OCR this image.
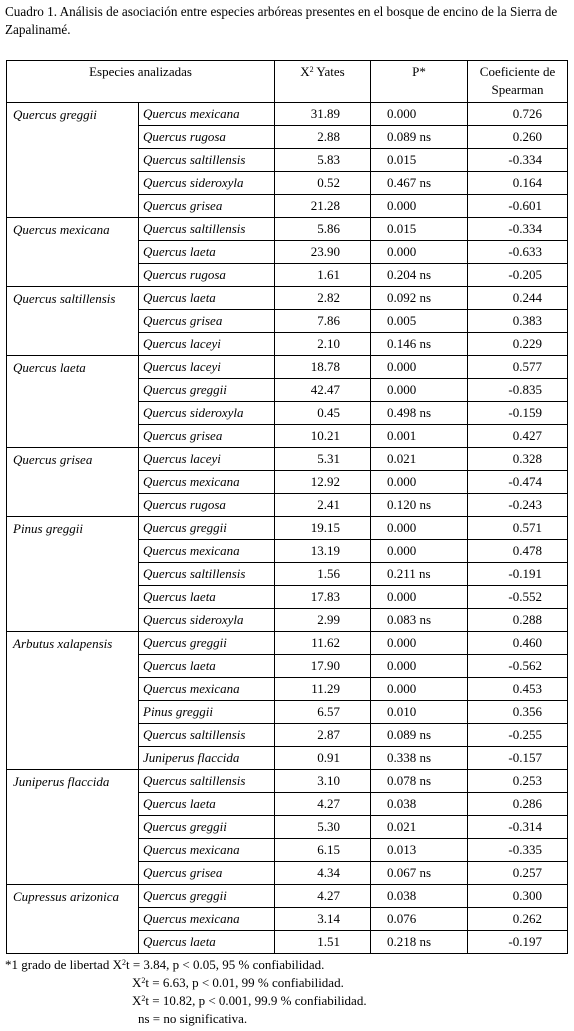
Cuadro 1. Análisis de asociación entre especies arbóreas presentes en el bosque de encino de la Sierra de Zapalinamé.
Especies analizadas		$X^2$ Yates	P*	Coeficiente de
Spearman

Quercus greggii	Quercus mexicana	31.89	0.000	0.726
	Quercus rugosa	2.88	0.089 ns	0.260
	Quercus saltillensis	5.83	0.015	-0.334
	Quercus sideroxyla	0.52	0.467 ns	0.164
	Quercus grisea	21.28	0.000	-0.601
Quercus mexicana	Quercus saltillensis	5.86	0.015	-0.334
	Quercus laeta	23.90	0.000	-0.633
	Quercus rugosa	1.61	0.204 ns	-0.205
Quercus saltillensis	Quercus laeta	2.82	0.092 ns	0.244
	Quercus grisea	7.86	0.005	0.383
	Quercus laceyi	2.10	0.146 ns	0.229
Quercus laeta	Quercus laceyi	18.78	0.000	0.577
	Quercus greggii	42.47	0.000	-0.835
	Quercus sideroxyla	0.45	0.498 ns	-0.159
	Quercus grisea	10.21	0.001	0.427
Quercus grisea	Quercus laceyi	5.31	0.021	0.328
	Quercus mexicana	12.92	0.000	-0.474
	Quercus rugosa	2.41	0.120 ns	-0.243
Pinus greggii	Quercus greggii	19.15	0.000	0.571
	Quercus mexicana	13.19	0.000	0.478
	Quercus saltillensis	1.56	0.211 ns	-0.191
	Quercus laeta	17.83	0.000	-0.552
	Quercus sideroxyla	2.99	0.083 ns	0.288
Arbutus xalapensis	Quercus greggii	11.62	0.000	0.460
	Quercus laeta	17.90	0.000	-0.562
	Quercus mexicana	11.29	0.000	0.453
	Pinus greggii	6.57	0.010	0.356
	Quercus saltillensis	2.87	0.089 ns	-0.255
	Juniperus flaccida	0.91	0.338 ns	-0.157
Juniperus flaccida	Quercus saltillensis	3.10	0.078 ns	0.253
	Quercus laeta	4.27	0.038	0.286
	Quercus greggii	5.30	0.021	-0.314
	Quercus mexicana	6.15	0.013	-0.335
	Quercus grisea	4.34	0.067 ns	0.257
Cupressus arizonica	Quercus greggii	4.27	0.038	0.300
	Quercus mexicana	3.14	0.076	0.262
	Quercus laeta	1.51	0.218 ns	-0.197
*1 grado de libertad $X^2t = 3.84$, p < 0.05, 95 % confiabilidad.
$X^2t = 6.63$, p < 0.01, 99 % confiabilidad.
$X^2t = 10.82$, p < 0.001, 99.9 % confiabilidad.
ns = no significativa.
